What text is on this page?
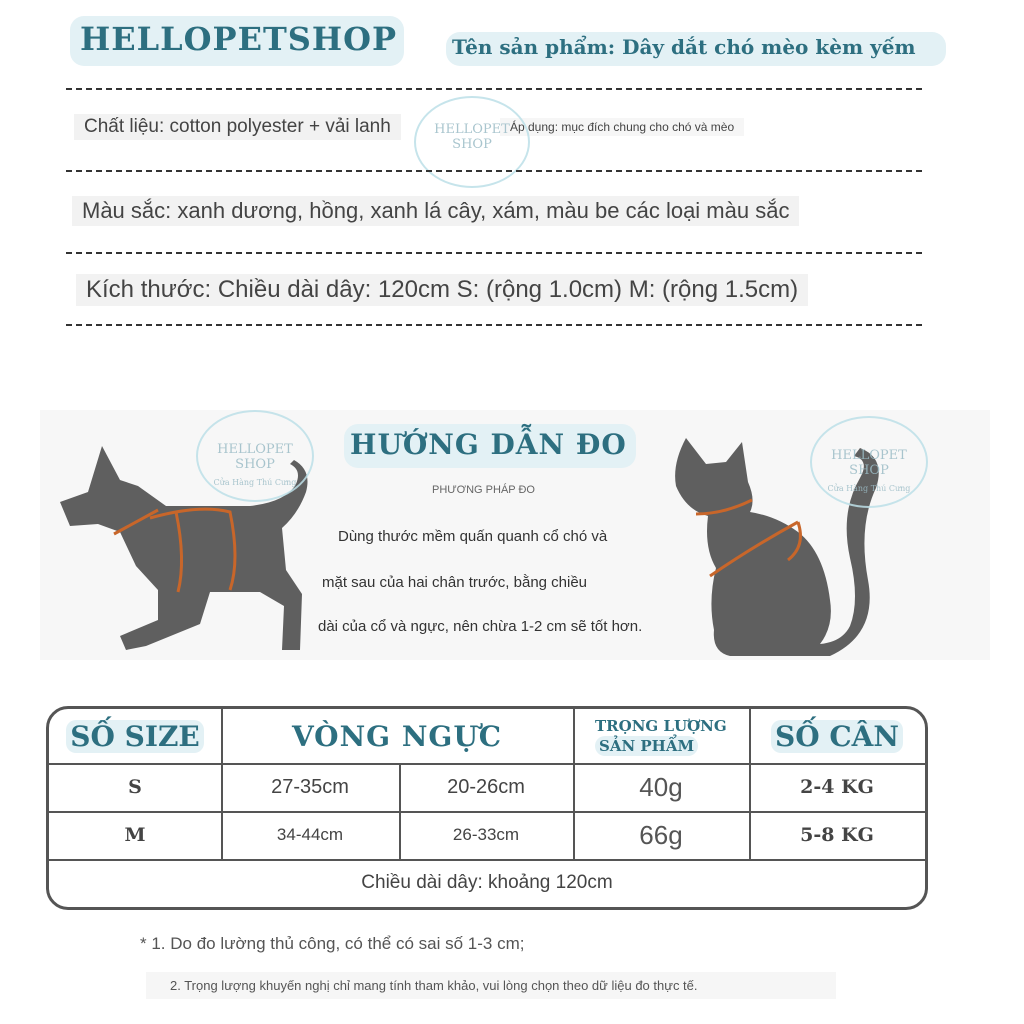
HELLOPETSHOP	Tên sản phẩm: Dây dắt chó mèo kèm yếm
Chất liệu: cotton polyester + vải lanh	Áp dụng: mục đích chung cho chó và mèo
HELLOPET
SHOP
Màu sắc: xanh dương, hồng, xanh lá cây, xám, màu be các loại màu sắc
Kích thước: Chiều dài dây: 120cm S: (rộng 1.0cm) M: (rộng 1.5cm)
HELLOPET
SHOP
Cửa Hàng Thú Cưng
HƯỚNG DẪN ĐO
PHƯƠNG PHÁP ĐO
Dùng thước mềm quấn quanh cổ chó và
mặt sau của hai chân trước, bằng chiều
dài của cổ và ngực, nên chừa 1-2 cm sẽ tốt hơn.
HELLOPET
SHOP
Cửa Hàng Thú Cưng
SỐ SIZE	VÒNG NGỰC	TRỌNG LƯỢNG
SẢN PHẨM	SỐ CÂN
S	27-35cm	20-26cm	40g	2-4 KG
M	34-44cm	26-33cm	66g	5-8 KG
Chiều dài dây: khoảng 120cm
* 1. Do đo lường thủ công, có thể có sai số 1-3 cm;
2. Trọng lượng khuyến nghị chỉ mang tính tham khảo, vui lòng chọn theo dữ liệu đo thực tế.
